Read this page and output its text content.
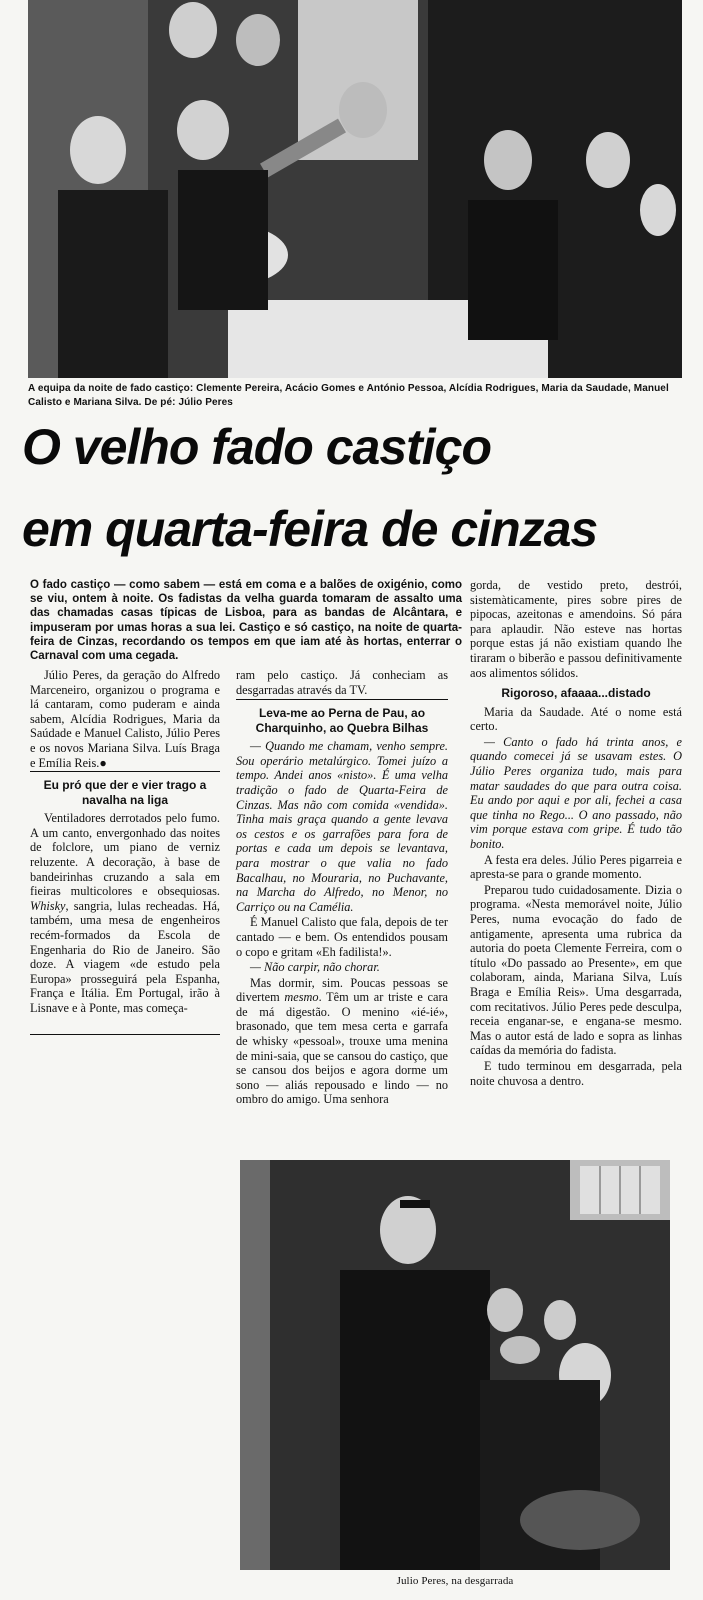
A equipa da noite de fado castiço: Clemente Pereira, Acácio Gomes e António Pessoa, Alcídia Rodrigues, Maria da Saudade, Manuel Calisto e Mariana Silva. De pé: Júlio Peres
O velho fado castiço
em quarta-feira de cinzas
O fado castiço — como sabem — está em coma e a balões de oxigénio, como se viu, ontem à noite. Os fadistas da velha guarda tomaram de assalto uma das chamadas casas típicas de Lisboa, para as bandas de Alcântara, e impuseram por umas horas a sua lei. Castiço e só castiço, na noite de quarta-feira de Cinzas, recordando os tempos em que iam até às hortas, enterrar o Carnaval com uma cegada.

Júlio Peres, da geração do Alfredo Marceneiro, organizou o programa e lá cantaram, como puderam e ainda sabem, Alcídia Rodrigues, Maria da Saúdade e Manuel Calisto, Júlio Peres e os novos Mariana Silva. Luís Braga e Emília Reis.●

Eu pró que der e vier trago a navalha na liga

Ventiladores derrotados pelo fumo. A um canto, envergonhado das noites de folclore, um piano de verniz reluzente. A decoração, à base de bandeirinhas cruzando a sala em fieiras multicolores e obsequiosas. Whisky, sangria, lulas recheadas. Há, também, uma mesa de engenheiros recém-formados da Escola de Engenharia do Rio de Janeiro. São doze. A viagem «de estudo pela Europa» prosseguirá pela Espanha, França e Itália. Em Portugal, irão à Lisnave e à Ponte, mas começa-

ram pelo castiço. Já conheciam as desgarradas através da TV.

Leva-me ao Perna de Pau, ao Charquinho, ao Quebra Bilhas

— Quando me chamam, venho sempre. Sou operário metalúrgico. Tomei juízo a tempo. Andei anos «nisto». É uma velha tradição o fado de Quarta-Feira de Cinzas. Mas não com comida «vendida». Tinha mais graça quando a gente levava os cestos e os garrafões para fora de portas e cada um depois se levantava, para mostrar o que valia no fado Bacalhau, no Mouraria, no Puchavante, na Marcha do Alfredo, no Menor, no Carriço ou na Camélia.

É Manuel Calisto que fala, depois de ter cantado — e bem. Os entendidos pousam o copo e gritam «Eh fadilista!».

— Não carpir, não chorar.

Mas dormir, sim. Poucas pessoas se divertem mesmo. Têm um ar triste e cara de má digestão. O menino «ié-ié», brasonado, que tem mesa certa e garrafa de whisky «pessoal», trouxe uma menina de mini-saia, que se cansou do castiço, que se cansou dos beijos e agora dorme um sono — aliás repousado e lindo — no ombro do amigo. Uma senhora

gorda, de vestido preto, destrói, sistemàticamente, pires sobre pires de pipocas, azeitonas e amendoins. Só pára para aplaudir. Não esteve nas hortas porque estas já não existiam quando lhe tiraram o biberão e passou definitivamente aos alimentos sólidos.

Rigoroso, afaaaa...distado

Maria da Saudade. Até o nome está certo.

— Canto o fado há trinta anos, e quando comecei já se usavam estes. O Júlio Peres organiza tudo, mais para matar saudades do que para outra coisa. Eu ando por aqui e por ali, fechei a casa que tinha no Rego... O ano passado, não vim porque estava com gripe. É tudo tão bonito.

A festa era deles. Júlio Peres pigarreia e apresta-se para o grande momento.

Preparou tudo cuidadosamente. Dizia o programa. «Nesta memorável noite, Júlio Peres, numa evocação do fado de antigamente, apresenta uma rubrica da autoria do poeta Clemente Ferreira, com o título «Do passado ao Presente», em que colaboram, ainda, Mariana Silva, Luís Braga e Emília Reis». Uma desgarrada, com recitativos. Júlio Peres pede desculpa, receia enganar-se, e engana-se mesmo. Mas o autor está de lado e sopra as linhas caídas da memória do fadista.

E tudo terminou em desgarrada, pela noite chuvosa a dentro.

Julio Peres, na desgarrada
